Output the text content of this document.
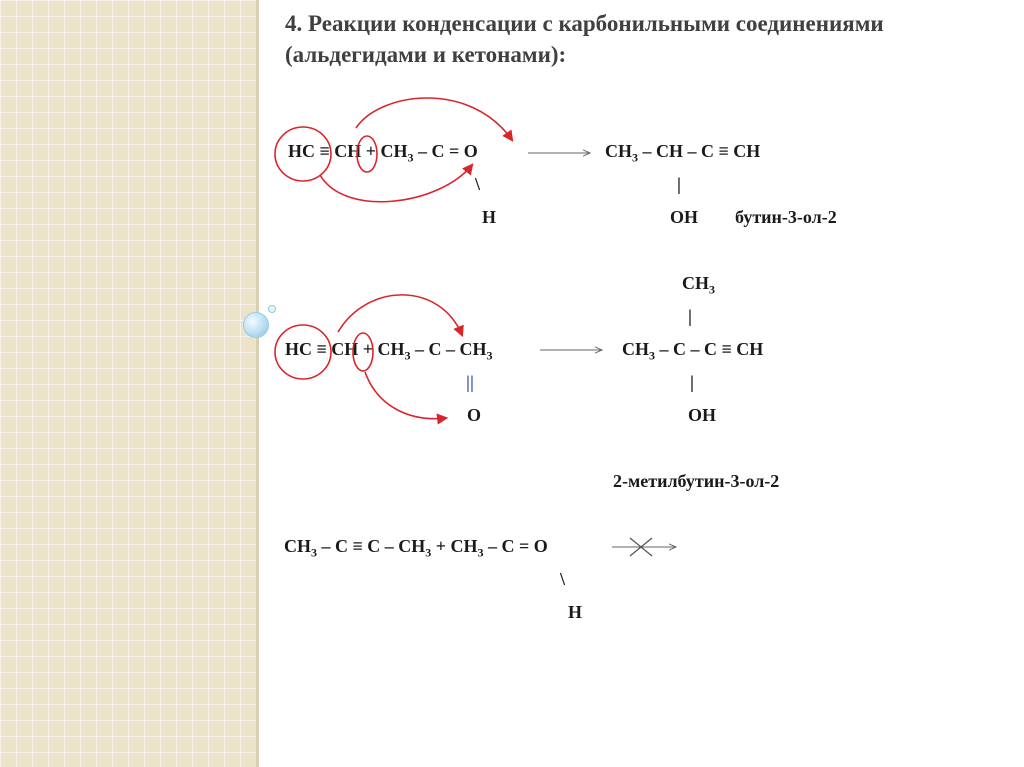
4. Реакции конденсации с карбонильными соединениями (альдегидами и кетонами):
HC ≡ CH + $CH_3 - C = O$	$CH_3$ – CH – C ≡ CH
\	|
H	OH бутин-3-ол-2
$CH_3$
|
HC ≡ CH + $CH_3$ – C – $CH_3$	$CH_3$ – C – C ≡ CH
||	|
O	OH
2-метилбутин-3-ол-2
$CH_3 - C \equiv C - CH_3 + CH_3 - C = O$
\
H
